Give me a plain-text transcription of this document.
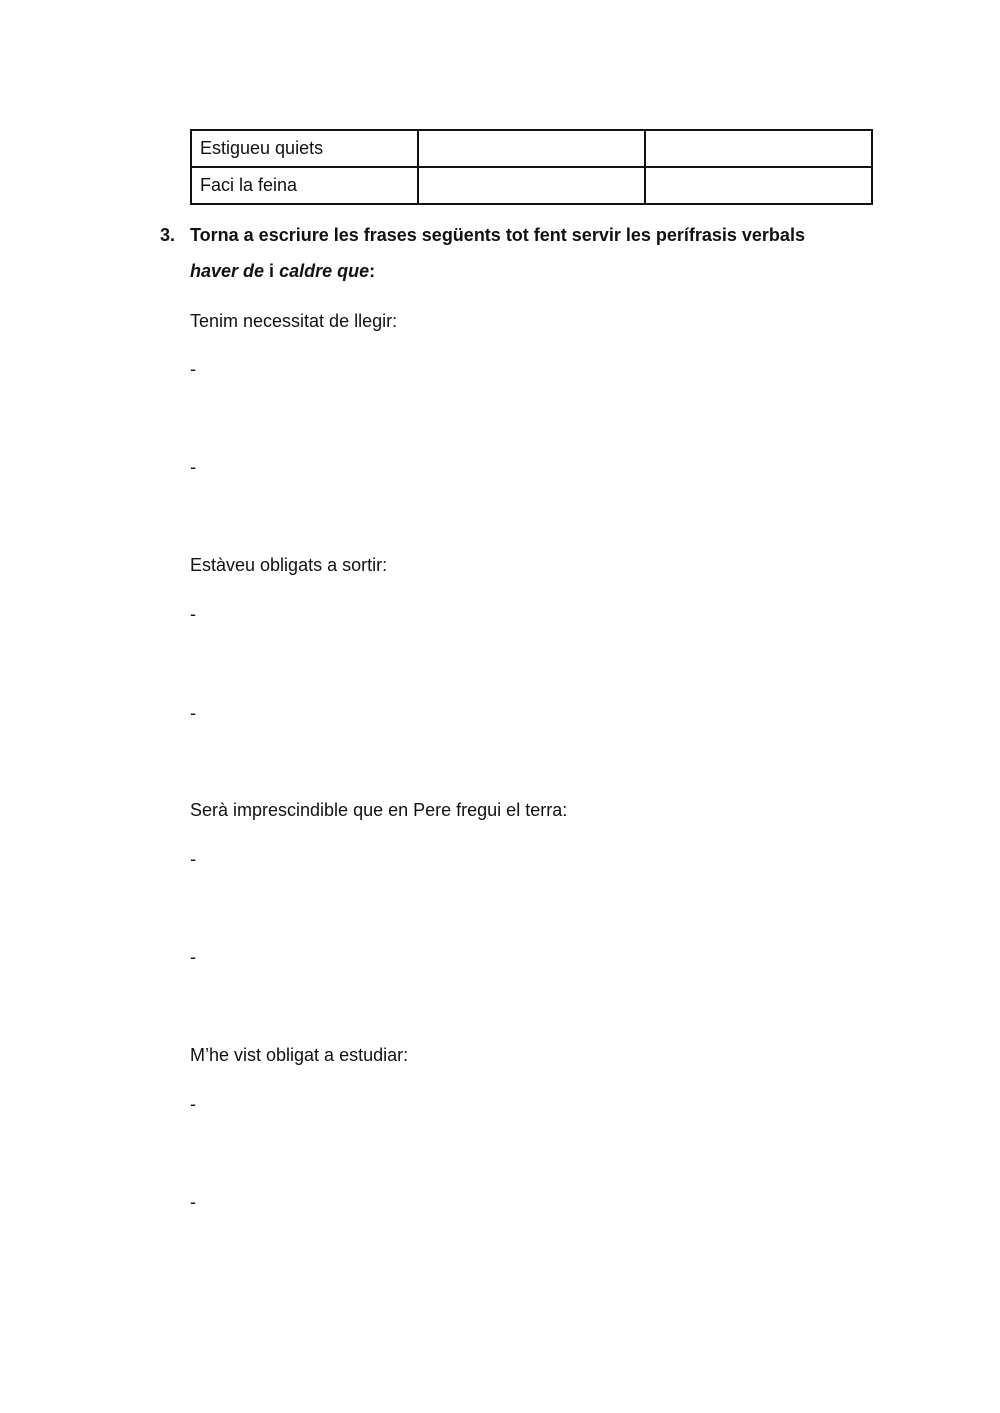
Estigueu quiets		
Faci la feina		
3. Torna a escriure les frases següents tot fent servir les perífrasis verbals
haver de i caldre que:
Tenim necessitat de llegir:
-
-
Estàveu obligats a sortir:
-
-
Serà imprescindible que en Pere fregui el terra:
-
-
M’he vist obligat a estudiar:
-
-
